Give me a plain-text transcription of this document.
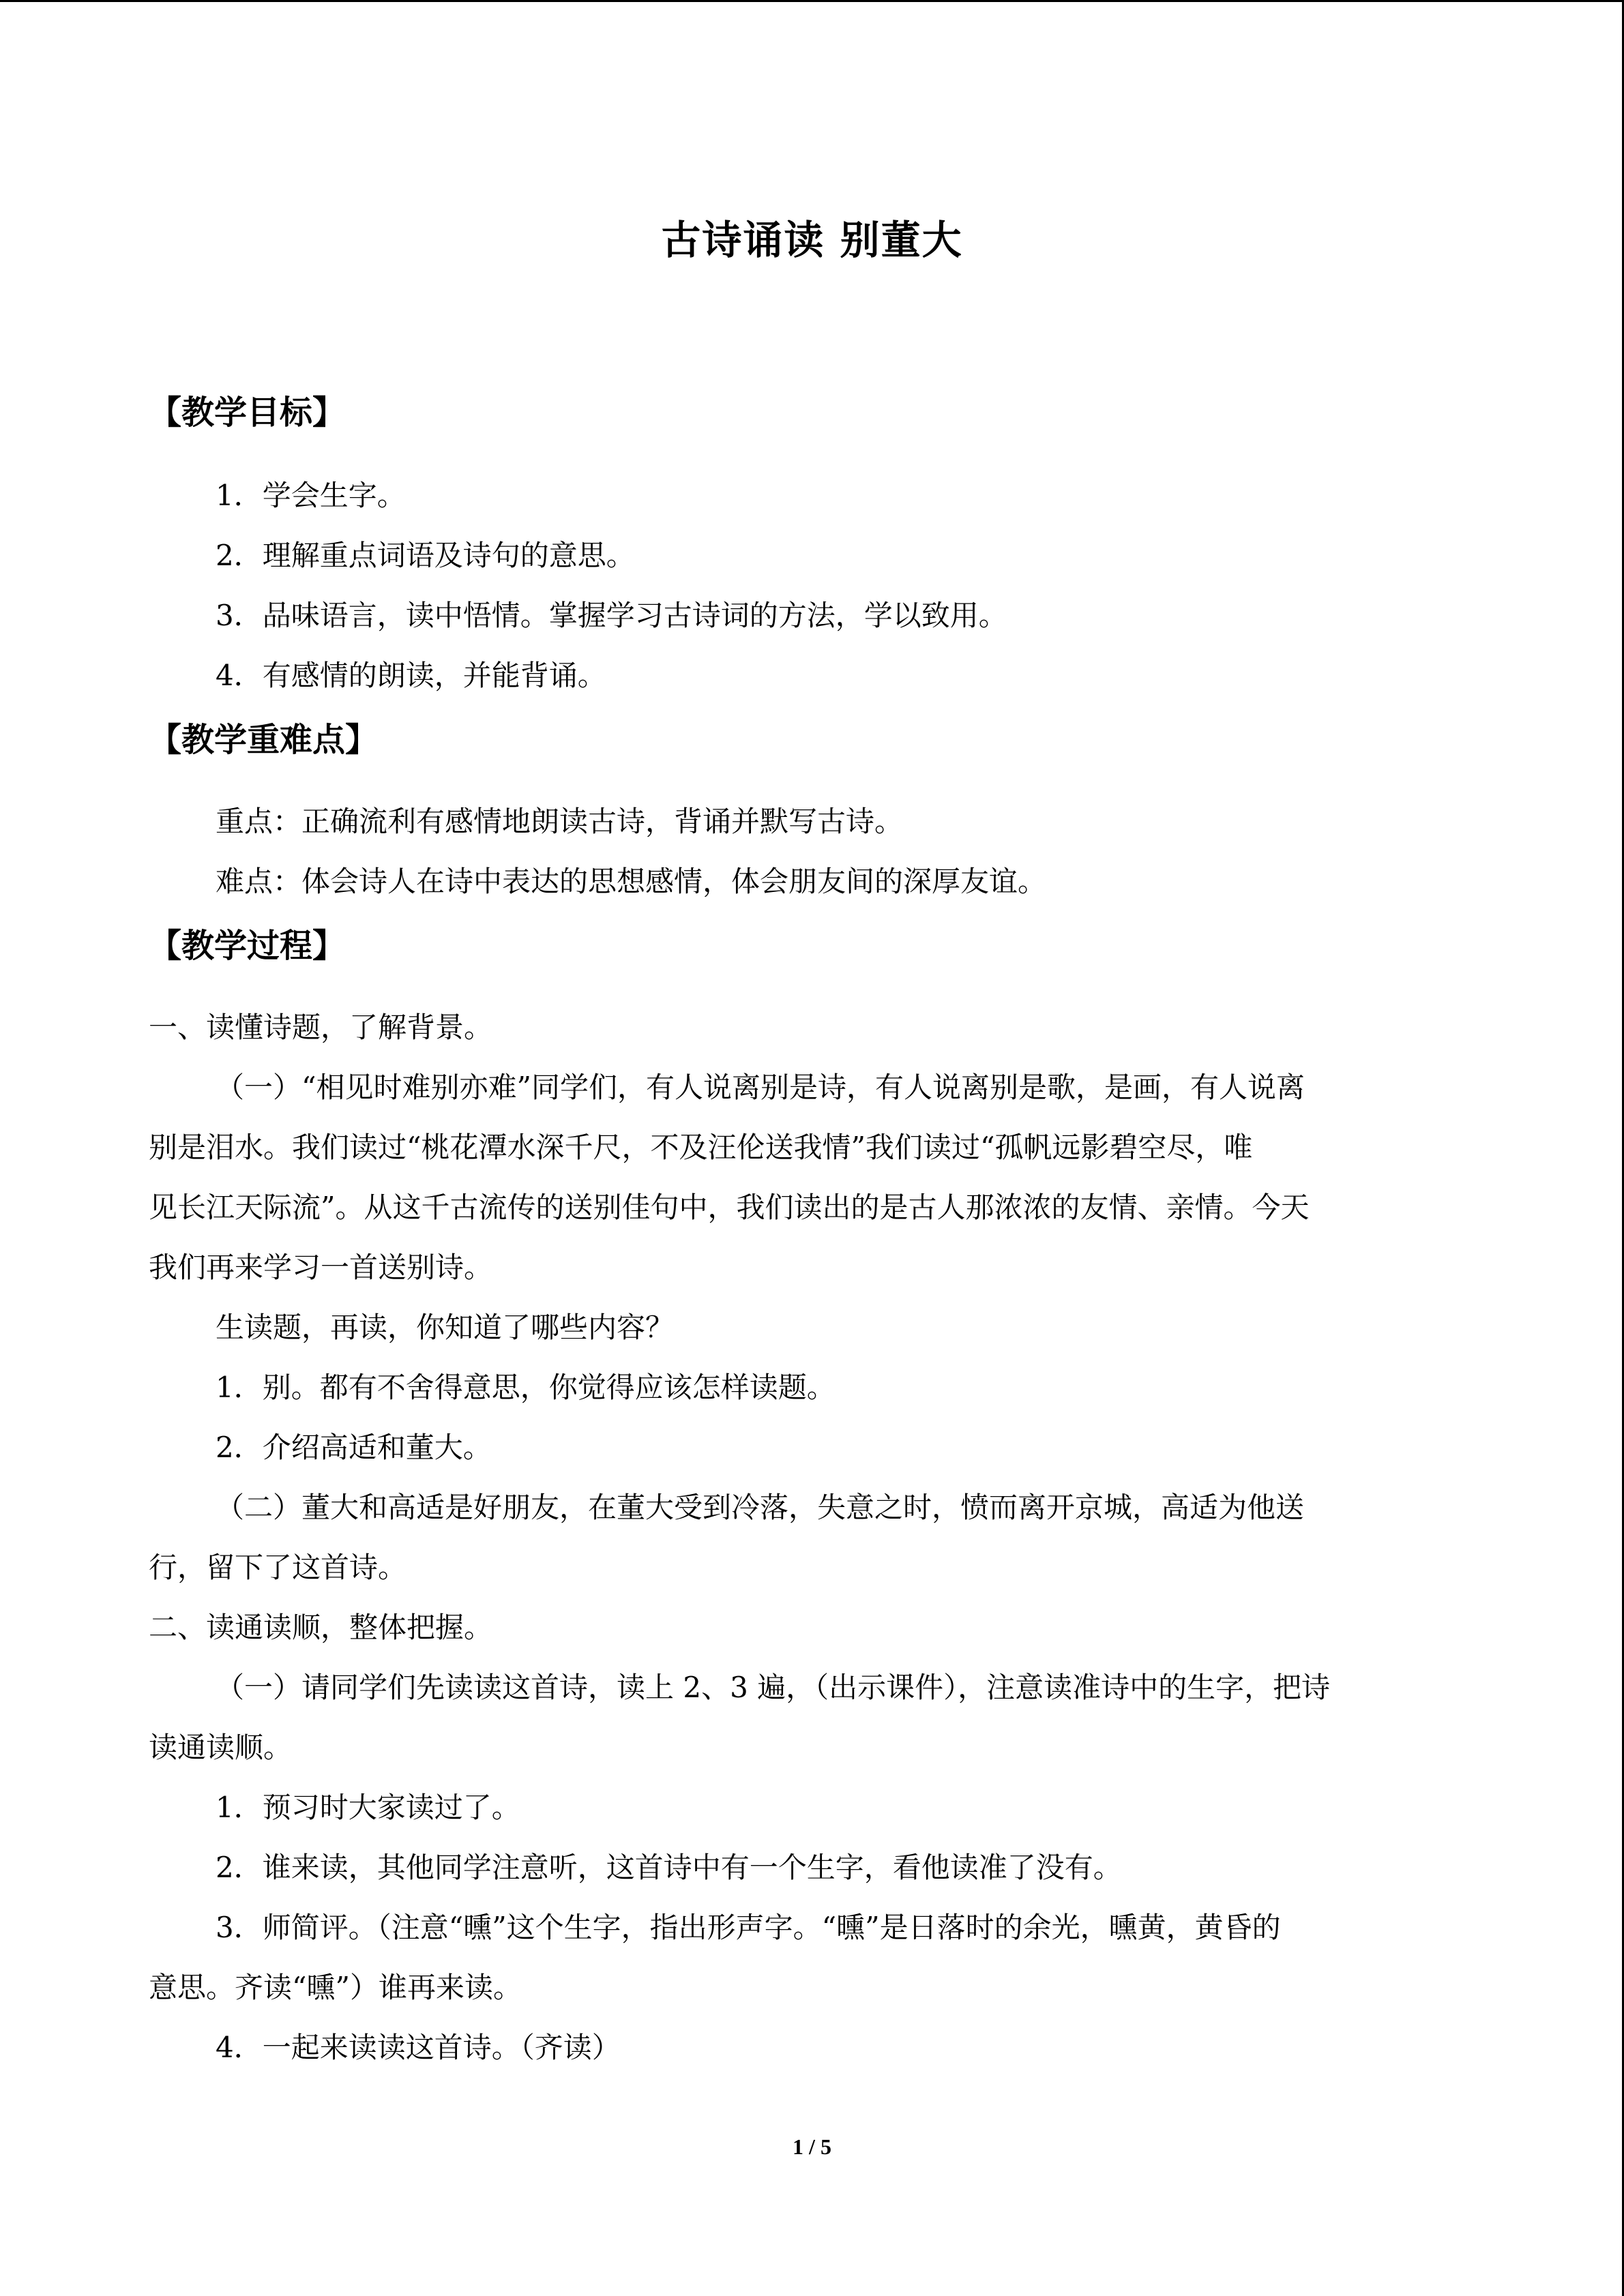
古诗诵读 别董大
【教学目标】
1．学会生字。
2．理解重点词语及诗句的意思。
3．品味语言，读中悟情。掌握学习古诗词的方法，学以致用。
4．有感情的朗读，并能背诵。
【教学重难点】
重点：正确流利有感情地朗读古诗，背诵并默写古诗。
难点：体会诗人在诗中表达的思想感情，体会朋友间的深厚友谊。
【教学过程】
一、读懂诗题，了解背景。
（一）“相见时难别亦难”同学们，有人说离别是诗，有人说离别是歌，是画，有人说离
别是泪水。我们读过“桃花潭水深千尺，不及汪伦送我情”我们读过“孤帆远影碧空尽，唯
见长江天际流”。从这千古流传的送别佳句中，我们读出的是古人那浓浓的友情、亲情。今天
我们再来学习一首送别诗。
生读题，再读，你知道了哪些内容？
1．别。都有不舍得意思，你觉得应该怎样读题。
2．介绍高适和董大。
（二）董大和高适是好朋友，在董大受到冷落，失意之时，愤而离开京城，高适为他送
行，留下了这首诗。
二、读通读顺，整体把握。
（一）请同学们先读读这首诗，读上 2、3 遍，（出示课件），注意读准诗中的生字，把诗
读通读顺。
1．预习时大家读过了。
2．谁来读，其他同学注意听，这首诗中有一个生字，看他读准了没有。
3．师简评。（注意“曛”这个生字，指出形声字。“曛”是日落时的余光，曛黄，黄昏的
意思。齐读“曛”）谁再来读。
4．一起来读读这首诗。（齐读）
1 / 5
